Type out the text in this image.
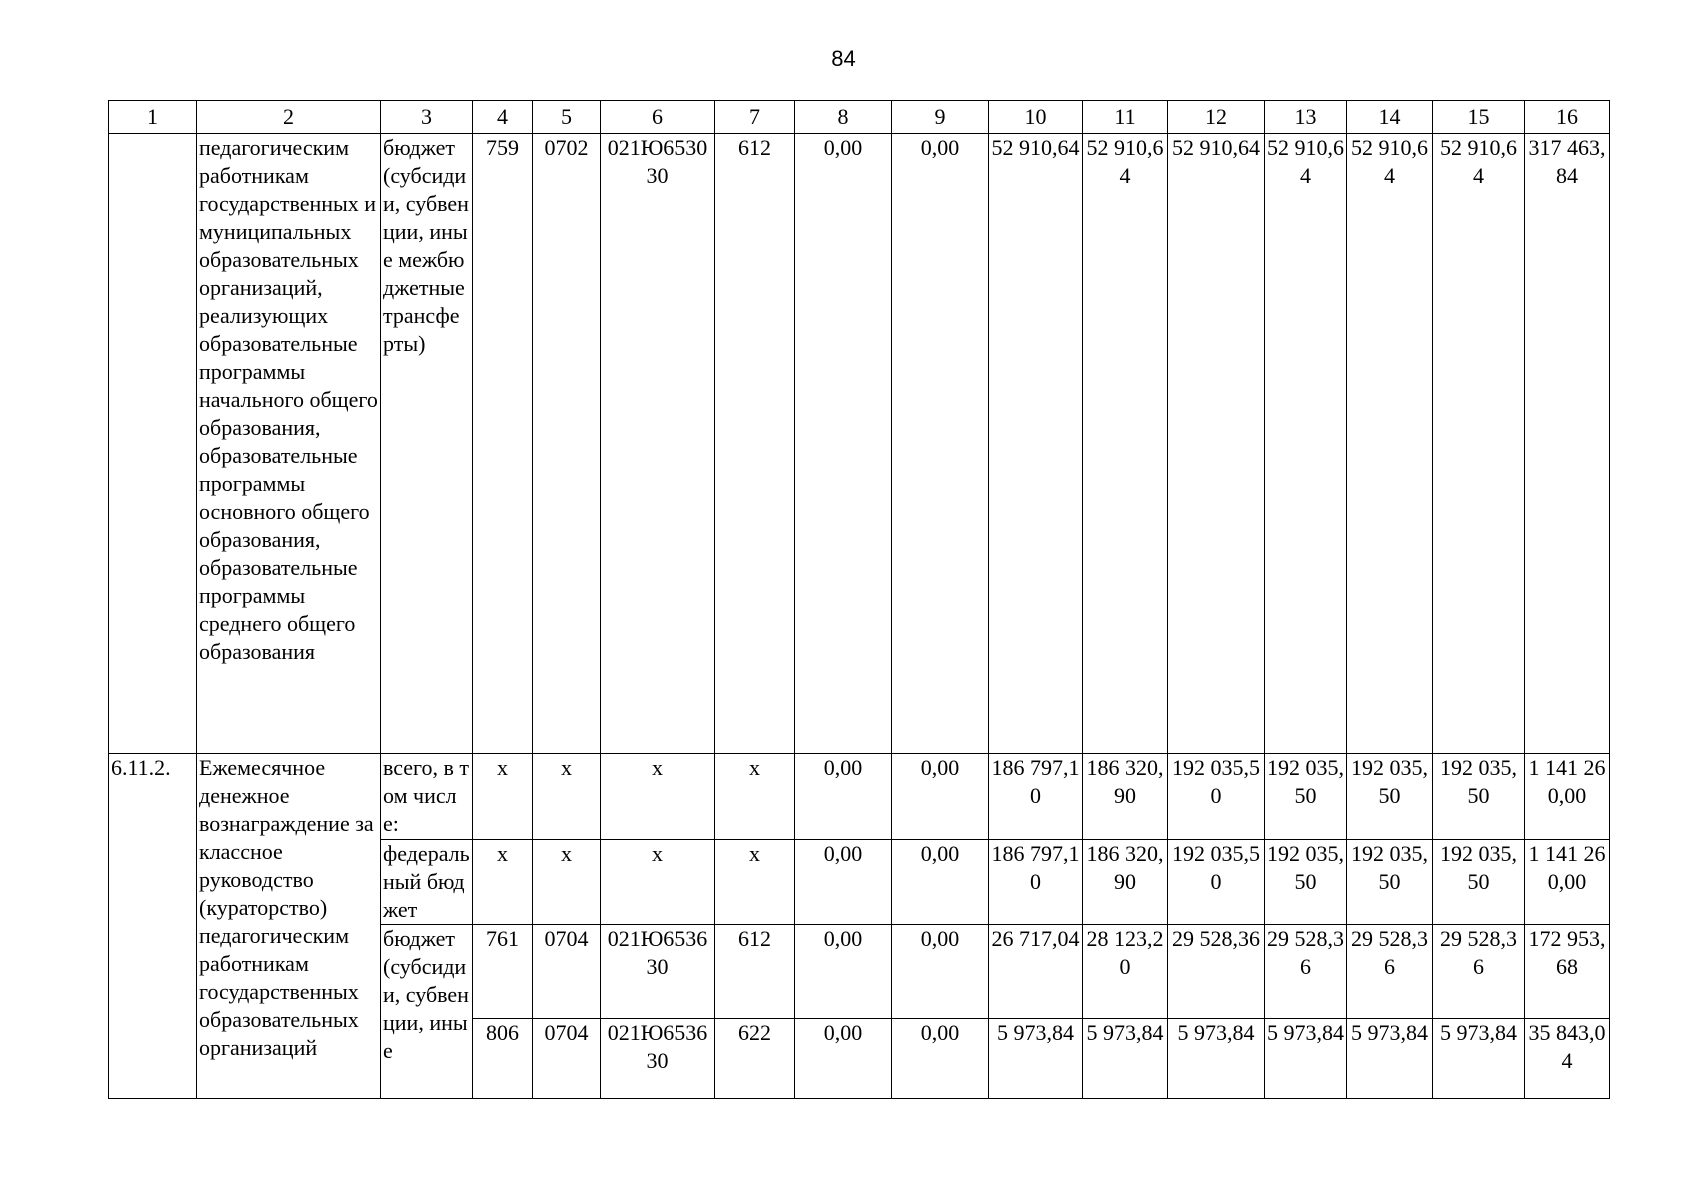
84
1	2	3	4	5	6	7	8	9	10	11	12	13	14	15	16
	педагогическим работникам государственных и муниципальных образовательных организаций, реализующих образовательные программы начального общего образования, образовательные программы основного общего образования, образовательные программы среднего общего образования	бюджет (субсидии, субвенции, иные межбюджетные трансферты)	759	0702	021Ю653030	612	0,00	0,00	52 910,64	52 910,64	52 910,64	52 910,64	52 910,64	52 910,64	317 463,84
6.11.2.	Ежемесячное денежное вознаграждение за классное руководство (кураторство) педагогическим работникам государственных образовательных организаций	всего, в том числе:	x	x	x	x	0,00	0,00	186 797,10	186 320,90	192 035,50	192 035,50	192 035,50	192 035,50	1 141 260,00
		федеральный бюджет	x	x	x	x	0,00	0,00	186 797,10	186 320,90	192 035,50	192 035,50	192 035,50	192 035,50	1 141 260,00
		бюджет (субсидии, субвенции, иные	761	0704	021Ю653630	612	0,00	0,00	26 717,04	28 123,20	29 528,36	29 528,36	29 528,36	29 528,36	172 953,68
			806	0704	021Ю653630	622	0,00	0,00	5 973,84	5 973,84	5 973,84	5 973,84	5 973,84	5 973,84	35 843,04
